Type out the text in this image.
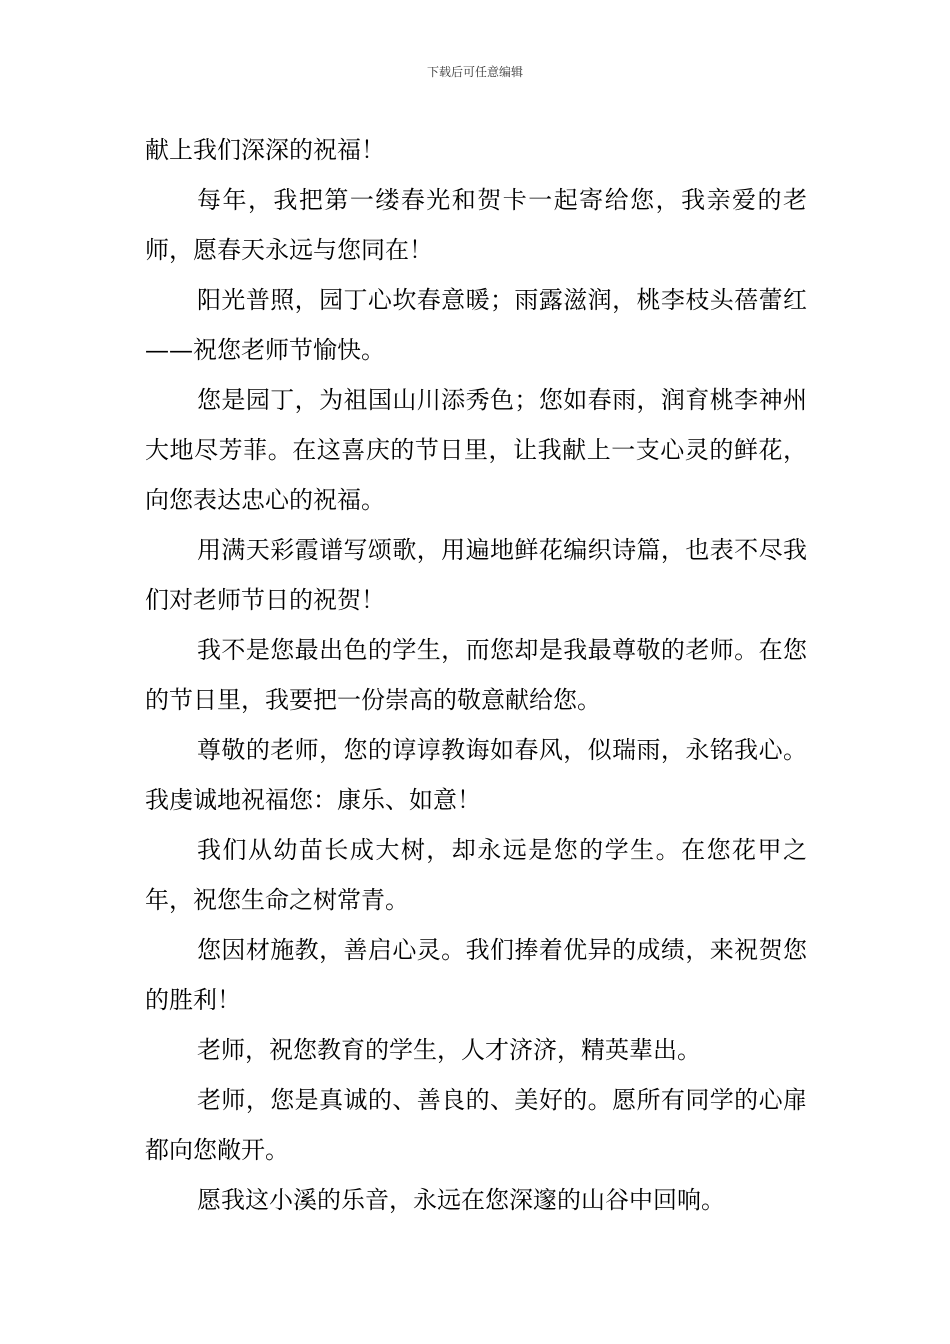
下载后可任意编辑

献上我们深深的祝福！

每年，我把第一缕春光和贺卡一起寄给您，我亲爱的老师，愿春天永远与您同在！

阳光普照，园丁心坎春意暖；雨露滋润，桃李枝头蓓蕾红——祝您老师节愉快。

您是园丁，为祖国山川添秀色；您如春雨，润育桃李神州大地尽芳菲。在这喜庆的节日里，让我献上一支心灵的鲜花，向您表达忠心的祝福。

用满天彩霞谱写颂歌，用遍地鲜花编织诗篇，也表不尽我们对老师节日的祝贺！

我不是您最出色的学生，而您却是我最尊敬的老师。在您的节日里，我要把一份崇高的敬意献给您。

尊敬的老师，您的谆谆教诲如春风，似瑞雨，永铭我心。我虔诚地祝福您：康乐、如意！

我们从幼苗长成大树，却永远是您的学生。在您花甲之年，祝您生命之树常青。

您因材施教，善启心灵。我们捧着优异的成绩，来祝贺您的胜利！

老师，祝您教育的学生，人才济济，精英辈出。

老师，您是真诚的、善良的、美好的。愿所有同学的心扉都向您敞开。

愿我这小溪的乐音，永远在您深邃的山谷中回响。
